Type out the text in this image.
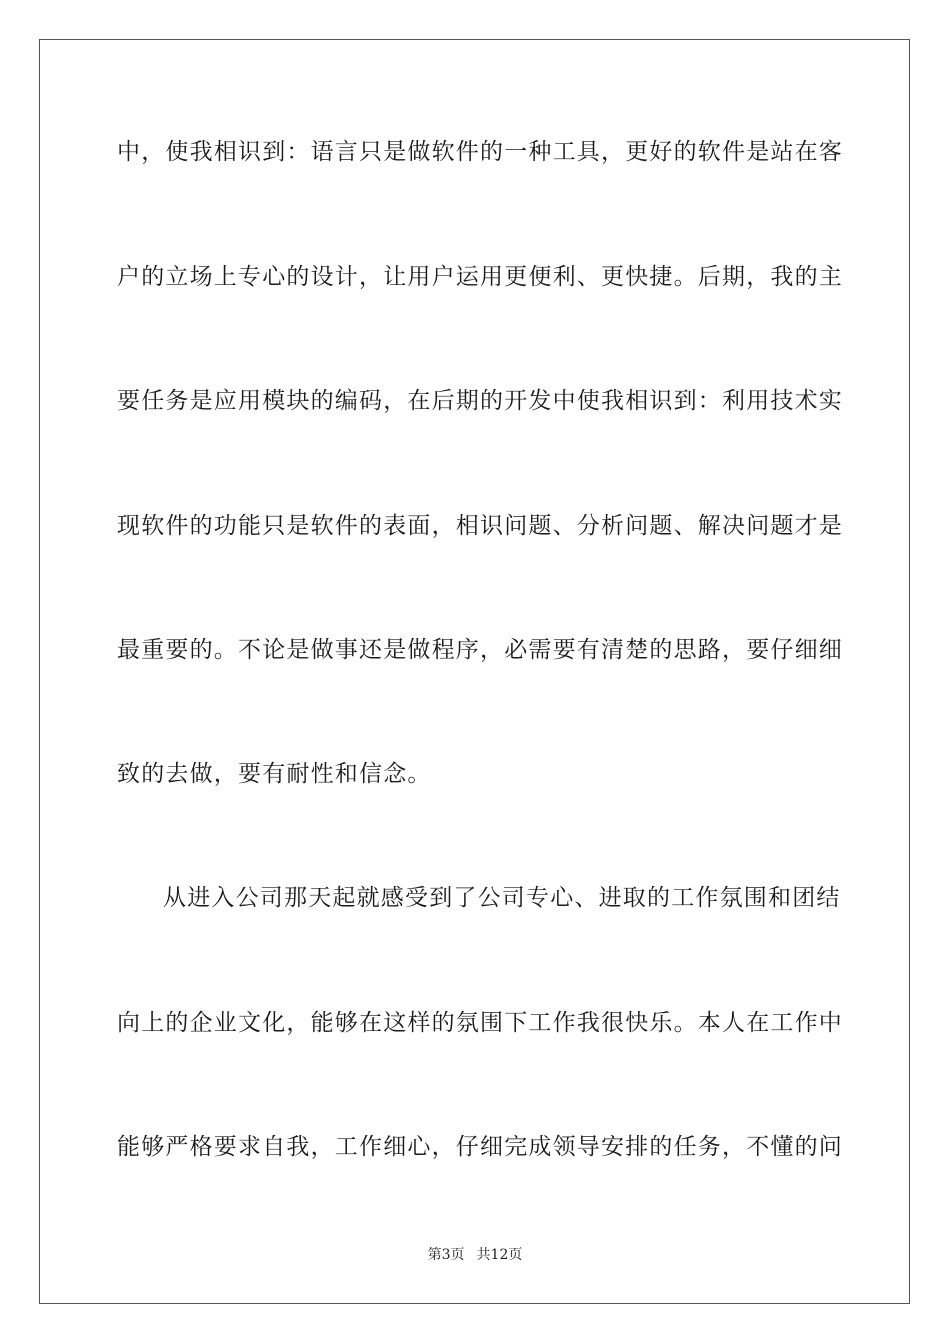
中，使我相识到：语言只是做软件的一种工具，更好的软件是站在客
户的立场上专心的设计，让用户运用更便利、更快捷。后期，我的主
要任务是应用模块的编码，在后期的开发中使我相识到：利用技术实
现软件的功能只是软件的表面，相识问题、分析问题、解决问题才是
最重要的。不论是做事还是做程序，必需要有清楚的思路，要仔细细
致的去做，要有耐性和信念。
从进入公司那天起就感受到了公司专心、进取的工作氛围和团结
向上的企业文化，能够在这样的氛围下工作我很快乐。本人在工作中
能够严格要求自我，工作细心，仔细完成领导安排的任务，不懂的问
第3页 共12页
